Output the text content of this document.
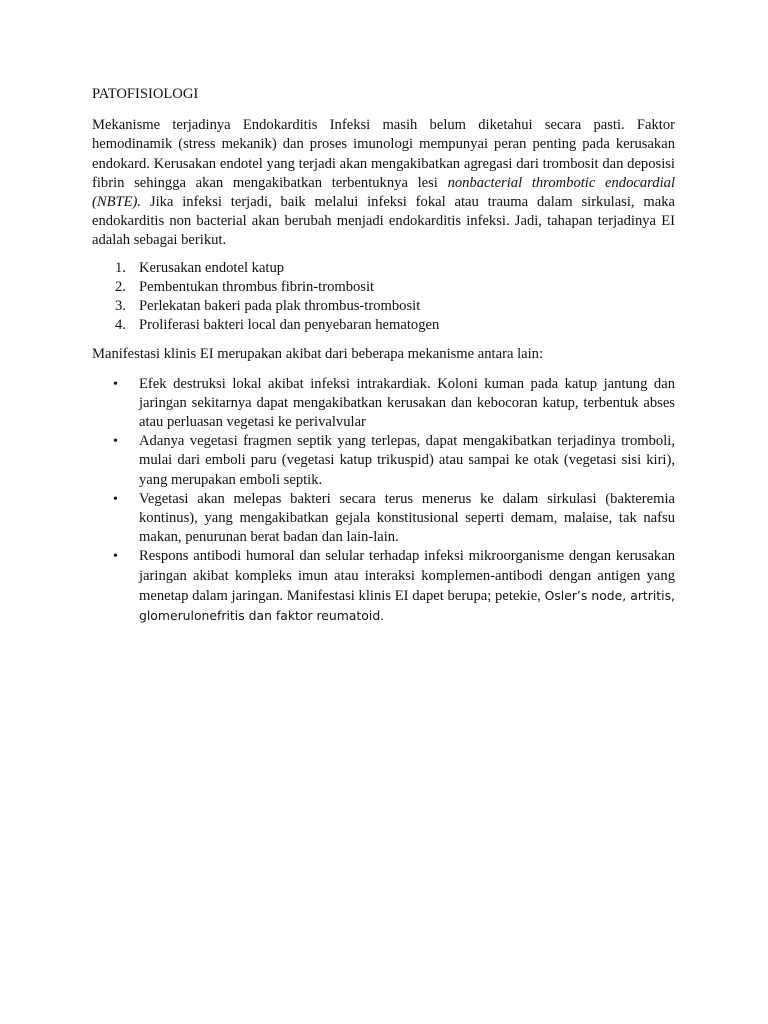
PATOFISIOLOGI

Mekanisme terjadinya Endokarditis Infeksi masih belum diketahui secara pasti. Faktor hemodinamik (stress mekanik) dan proses imunologi mempunyai peran penting pada kerusakan endokard. Kerusakan endotel yang terjadi akan mengakibatkan agregasi dari trombosit dan deposisi fibrin sehingga akan mengakibatkan terbentuknya lesi nonbacterial thrombotic endocardial (NBTE). Jika infeksi terjadi, baik melalui infeksi fokal atau trauma dalam sirkulasi, maka endokarditis non bacterial akan berubah menjadi endokarditis infeksi. Jadi, tahapan terjadinya EI adalah sebagai berikut.

1. Kerusakan endotel katup
2. Pembentukan thrombus fibrin-trombosit
3. Perlekatan bakeri pada plak thrombus-trombosit
4. Proliferasi bakteri local dan penyebaran hematogen

Manifestasi klinis EI merupakan akibat dari beberapa mekanisme antara lain:

• Efek destruksi lokal akibat infeksi intrakardiak. Koloni kuman pada katup jantung dan jaringan sekitarnya dapat mengakibatkan kerusakan dan kebocoran katup, terbentuk abses atau perluasan vegetasi ke perivalvular
• Adanya vegetasi fragmen septik yang terlepas, dapat mengakibatkan terjadinya tromboli, mulai dari emboli paru (vegetasi katup trikuspid) atau sampai ke otak (vegetasi sisi kiri), yang merupakan emboli septik.
• Vegetasi akan melepas bakteri secara terus menerus ke dalam sirkulasi (bakteremia kontinus), yang mengakibatkan gejala konstitusional seperti demam, malaise, tak nafsu makan, penurunan berat badan dan lain-lain.
• Respons antibodi humoral dan selular terhadap infeksi mikroorganisme dengan kerusakan jaringan akibat kompleks imun atau interaksi komplemen-antibodi dengan antigen yang menetap dalam jaringan. Manifestasi klinis EI dapet berupa; petekie, Osler’s node, artritis, glomerulonefritis dan faktor reumatoid.
